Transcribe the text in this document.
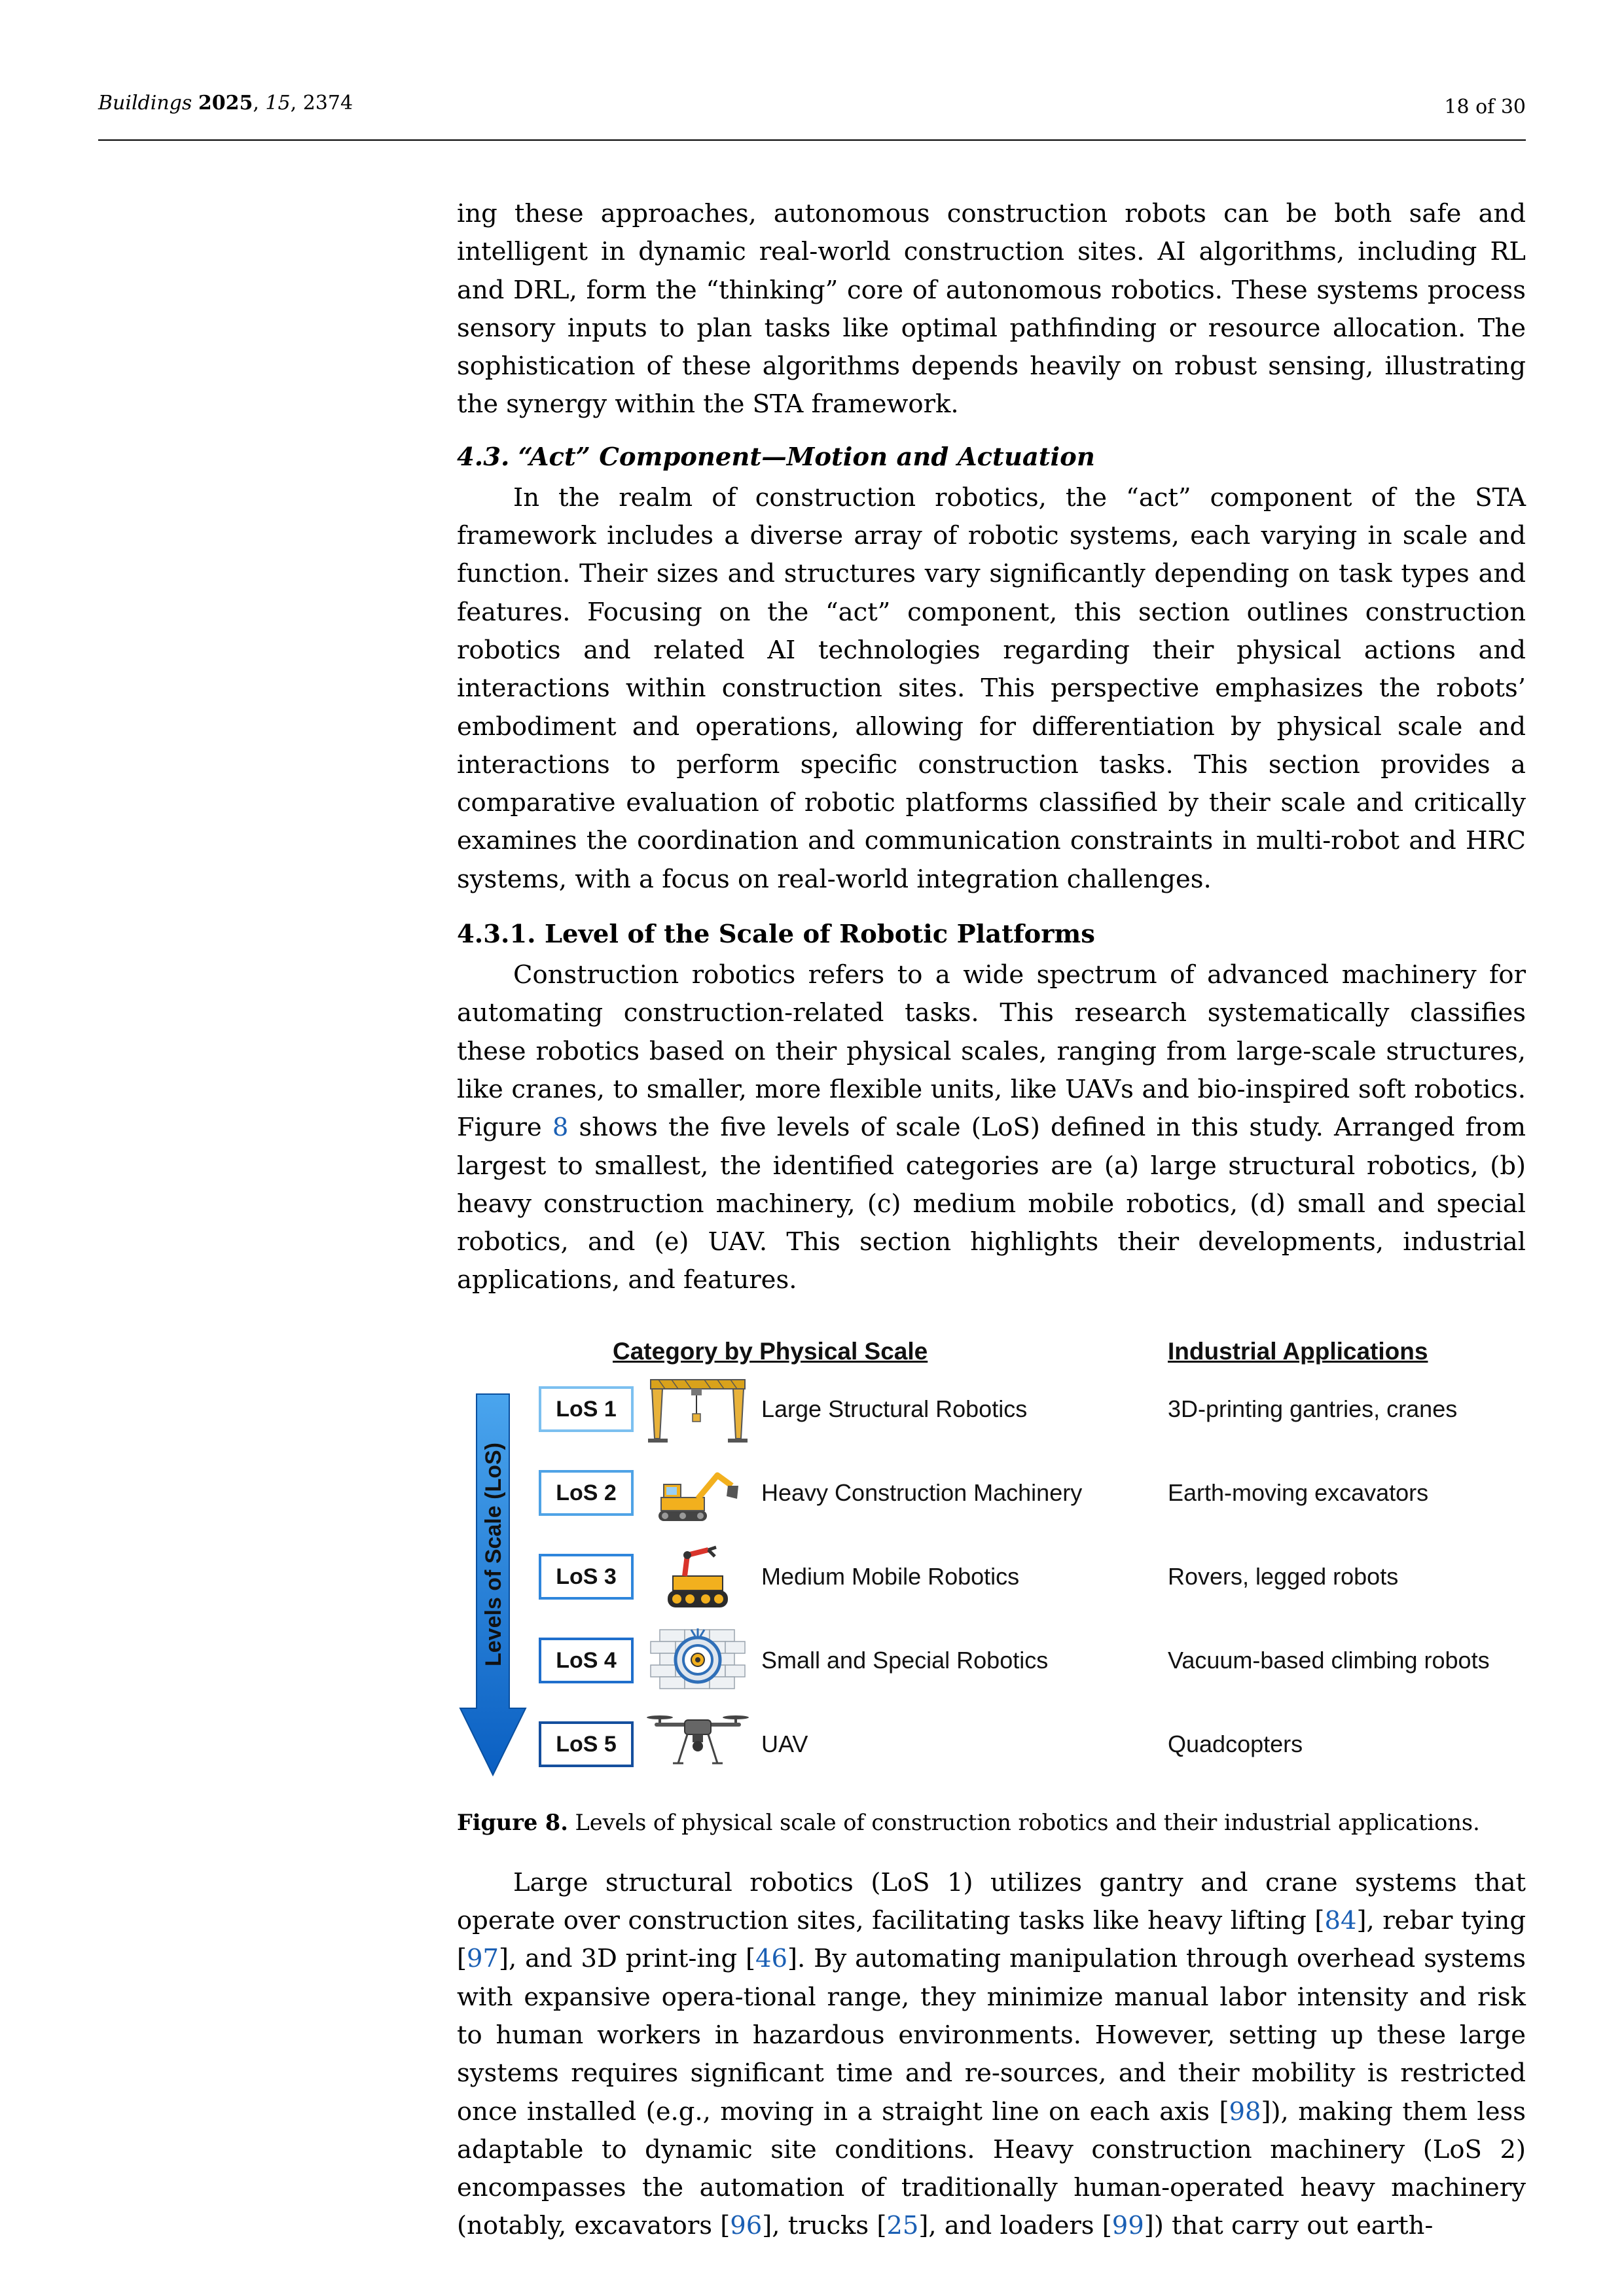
Buildings 2025, 15, 2374	18 of 30

ing these approaches, autonomous construction robots can be both safe and intelligent in dynamic real-world construction sites. AI algorithms, including RL and DRL, form the “thinking” core of autonomous robotics. These systems process sensory inputs to plan tasks like optimal pathfinding or resource allocation. The sophistication of these algorithms depends heavily on robust sensing, illustrating the synergy within the STA framework.

4.3. “Act” Component—Motion and Actuation

In the realm of construction robotics, the “act” component of the STA framework includes a diverse array of robotic systems, each varying in scale and function. Their sizes and structures vary significantly depending on task types and features. Focusing on the “act” component, this section outlines construction robotics and related AI technologies regarding their physical actions and interactions within construction sites. This perspective emphasizes the robots’ embodiment and operations, allowing for differentiation by physical scale and interactions to perform specific construction tasks. This section provides a comparative evaluation of robotic platforms classified by their scale and critically examines the coordination and communication constraints in multi-robot and HRC systems, with a focus on real-world integration challenges.

4.3.1. Level of the Scale of Robotic Platforms

Construction robotics refers to a wide spectrum of advanced machinery for automating construction-related tasks. This research systematically classifies these robotics based on their physical scales, ranging from large-scale structures, like cranes, to smaller, more flexible units, like UAVs and bio-inspired soft robotics. Figure 8 shows the five levels of scale (LoS) defined in this study. Arranged from largest to smallest, the identified categories are (a) large structural robotics, (b) heavy construction machinery, (c) medium mobile robotics, (d) small and special robotics, and (e) UAV. This section highlights their developments, industrial applications, and features.

Category by Physical Scale	Industrial Applications
Levels of Scale (LoS)
LoS 1	Large Structural Robotics	3D-printing gantries, cranes
LoS 2	Heavy Construction Machinery	Earth-moving excavators
LoS 3	Medium Mobile Robotics	Rovers, legged robots
LoS 4	Small and Special Robotics	Vacuum-based climbing robots
LoS 5	UAV	Quadcopters

Figure 8. Levels of physical scale of construction robotics and their industrial applications.

Large structural robotics (LoS 1) utilizes gantry and crane systems that operate over construction sites, facilitating tasks like heavy lifting [84], rebar tying [97], and 3D print-ing [46]. By automating manipulation through overhead systems with expansive opera-tional range, they minimize manual labor intensity and risk to human workers in hazardous environments. However, setting up these large systems requires significant time and re-sources, and their mobility is restricted once installed (e.g., moving in a straight line on each axis [98]), making them less adaptable to dynamic site conditions. Heavy construction machinery (LoS 2) encompasses the automation of traditionally human-operated heavy machinery (notably, excavators [96], trucks [25], and loaders [99]) that carry out earth-
